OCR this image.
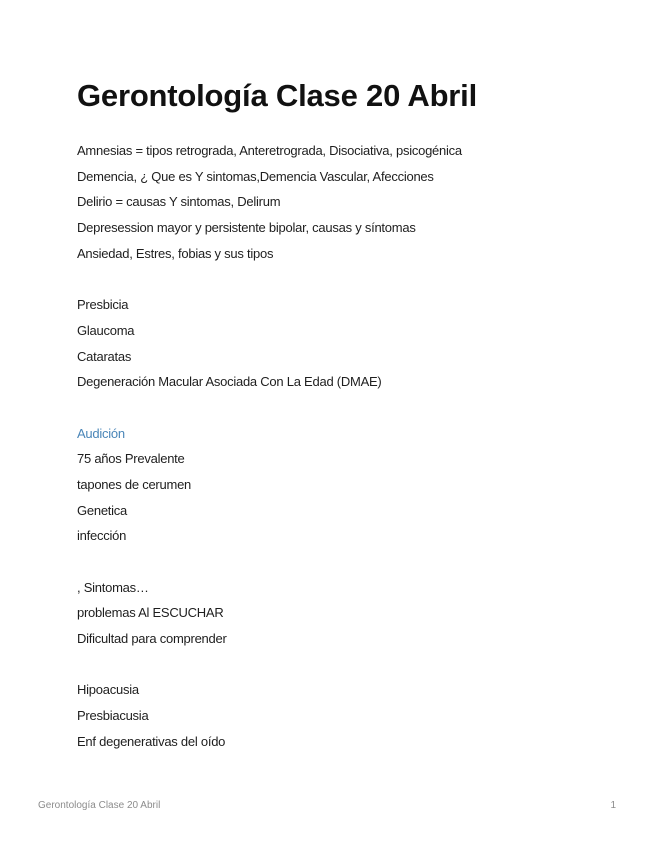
Gerontología Clase 20 Abril
Amnesias = tipos retrograda, Anteretrograda, Disociativa, psicogénica
Demencia, ¿ Que es Y sintomas,Demencia Vascular, Afecciones
Delirio = causas Y sintomas, Delirum
Depresession mayor y persistente bipolar, causas y síntomas
Ansiedad, Estres, fobias y sus tipos
Presbicia
Glaucoma
Cataratas
Degeneración Macular Asociada Con La Edad (DMAE)
Audición
75 años Prevalente
tapones de cerumen
Genetica
infección
, Sintomas…
problemas Al ESCUCHAR
Dificultad para comprender
Hipoacusia
Presbiacusia
Enf degenerativas del oído
Gerontología Clase 20 Abril	1
